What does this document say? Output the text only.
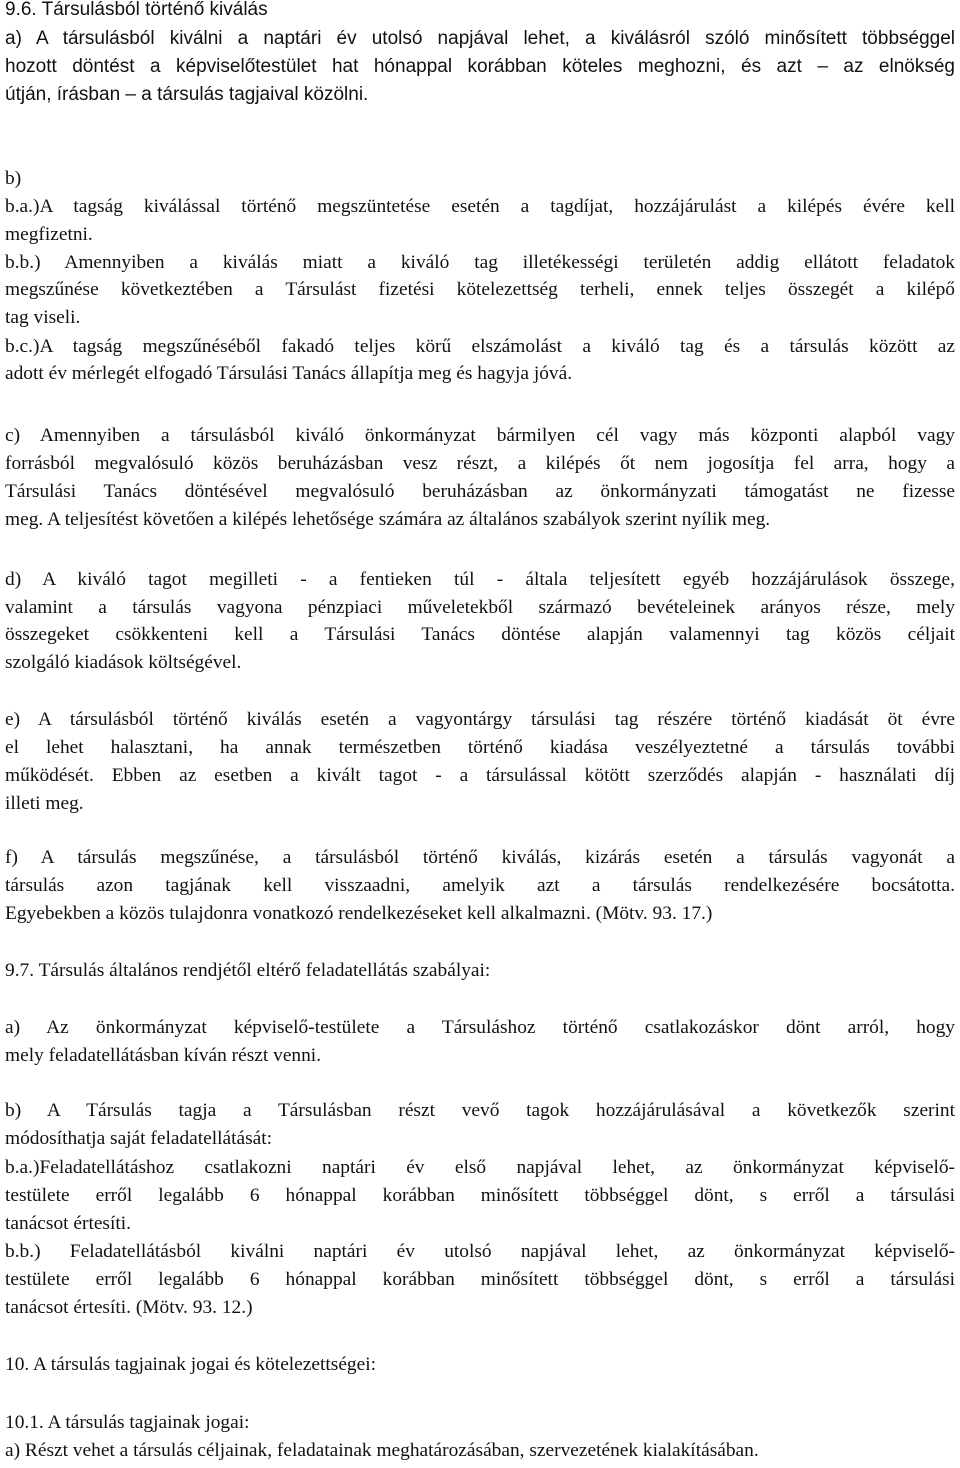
9.6. Társulásból történő kiválás
a) A társulásból kiválni a naptári év utolsó napjával lehet, a kiválásról szóló minősített többséggel
hozott döntést a képviselőtestület hat hónappal korábban köteles meghozni, és azt – az elnökség
útján, írásban – a társulás tagjaival közölni.
b)
b.a.)A tagság kiválással történő megszüntetése esetén a tagdíjat, hozzájárulást a kilépés évére kell
megfizetni.
b.b.) Amennyiben a kiválás miatt a kiváló tag illetékességi területén addig ellátott feladatok
megszűnése következtében a Társulást fizetési kötelezettség terheli, ennek teljes összegét a kilépő
tag viseli.
b.c.)A tagság megszűnéséből fakadó teljes körű elszámolást a kiváló tag és a társulás között az
adott év mérlegét elfogadó Társulási Tanács állapítja meg és hagyja jóvá.
c) Amennyiben a társulásból kiváló önkormányzat bármilyen cél vagy más központi alapból vagy
forrásból megvalósuló közös beruházásban vesz részt, a kilépés őt nem jogosítja fel arra, hogy a
Társulási Tanács döntésével megvalósuló beruházásban az önkormányzati támogatást ne fizesse
meg. A teljesítést követően a kilépés lehetősége számára az általános szabályok szerint nyílik meg.
d) A kiváló tagot megilleti - a fentieken túl - általa teljesített egyéb hozzájárulások összege,
valamint a társulás vagyona pénzpiaci műveletekből származó bevételeinek arányos része, mely
összegeket csökkenteni kell a Társulási Tanács döntése alapján valamennyi tag közös céljait
szolgáló kiadások költségével.
e) A társulásból történő kiválás esetén a vagyontárgy társulási tag részére történő kiadását öt évre
el lehet halasztani, ha annak természetben történő kiadása veszélyeztetné a társulás további
működését. Ebben az esetben a kivált tagot - a társulással kötött szerződés alapján - használati díj
illeti meg.
f) A társulás megszűnése, a társulásból történő kiválás, kizárás esetén a társulás vagyonát a
társulás azon tagjának kell visszaadni, amelyik azt a társulás rendelkezésére bocsátotta.
Egyebekben a közös tulajdonra vonatkozó rendelkezéseket kell alkalmazni. (Mötv. 93. 17.)
9.7. Társulás általános rendjétől eltérő feladatellátás szabályai:
a) Az önkormányzat képviselő-testülete a Társuláshoz történő csatlakozáskor dönt arról, hogy
mely feladatellátásban kíván részt venni.
b) A Társulás tagja a Társulásban részt vevő tagok hozzájárulásával a következők szerint
módosíthatja saját feladatellátását:
b.a.)Feladatellátáshoz csatlakozni naptári év első napjával lehet, az önkormányzat képviselő-
testülete erről legalább 6 hónappal korábban minősített többséggel dönt, s erről a társulási
tanácsot értesíti.
b.b.) Feladatellátásból kiválni naptári év utolsó napjával lehet, az önkormányzat képviselő-
testülete erről legalább 6 hónappal korábban minősített többséggel dönt, s erről a társulási
tanácsot értesíti. (Mötv. 93. 12.)
10. A társulás tagjainak jogai és kötelezettségei:
10.1. A társulás tagjainak jogai:
a) Részt vehet a társulás céljainak, feladatainak meghatározásában, szervezetének kialakításában.
